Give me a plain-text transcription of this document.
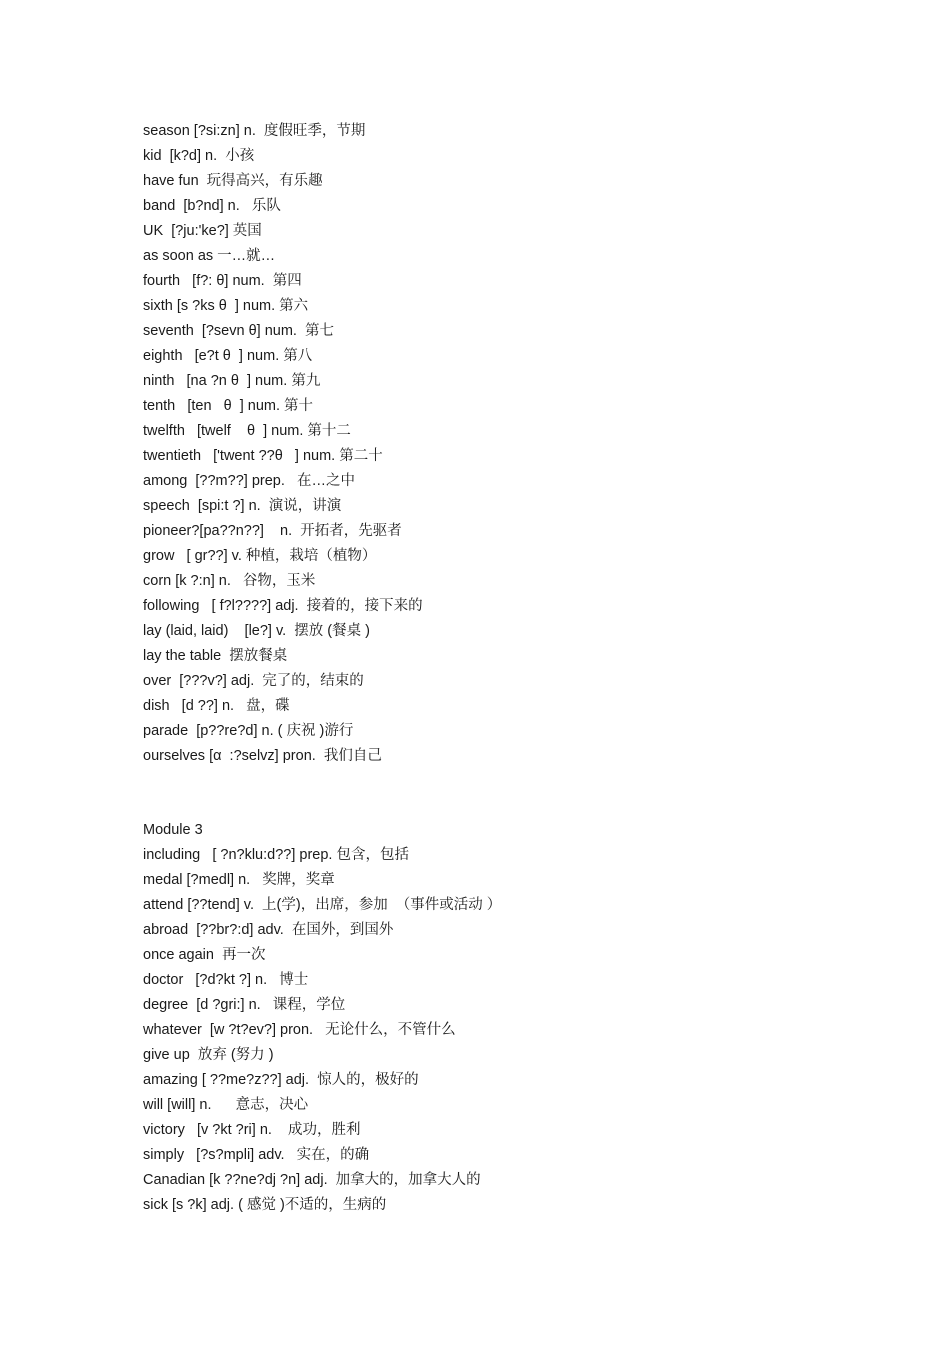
season [?si:zn] n.  度假旺季，节期
kid  [k?d] n.  小孩
have fun  玩得高兴，有乐趣
band  [b?nd] n.   乐队
UK  [?ju:'ke?] 英国
as soon as 一…就…
fourth   [f?: θ] num.  第四
sixth [s ?ks θ  ] num. 第六
seventh  [?sevn θ] num.  第七
eighth   [e?t θ  ] num. 第八
ninth   [na ?n θ  ] num. 第九
tenth   [ten   θ  ] num. 第十
twelfth   [twelf    θ  ] num. 第十二
twentieth   ['twent ??θ   ] num. 第二十
among  [??m??] prep.   在…之中
speech  [spi:t ?] n.  演说，讲演
pioneer?[pa??n??]    n.  开拓者，先驱者
grow   [ gr??] v. 种植，栽培（植物）
corn [k ?:n] n.   谷物，玉米
following   [ f?l????] adj.  接着的，接下来的
lay (laid, laid)    [le?] v.  摆放 (餐桌 )
lay the table  摆放餐桌
over  [???v?] adj.  完了的，结束的
dish   [d ??] n.   盘，碟
parade  [p??re?d] n. ( 庆祝 )游行
ourselves [α  :?selvz] pron.  我们自己
Module 3
including   [ ?n?klu:d??] prep. 包含，包括
medal [?medl] n.   奖牌，奖章
attend [??tend] v.  上(学)，出席，参加  （事件或活动 ）
abroad  [??br?:d] adv.  在国外，到国外
once again  再一次
doctor   [?d?kt ?] n.   博士
degree  [d ?gri:] n.   课程，学位
whatever  [w ?t?ev?] pron.   无论什么，不管什么
give up  放弃 (努力 )
amazing [ ??me?z??] adj.  惊人的，极好的
will [will] n.      意志，决心
victory   [v ?kt ?ri] n.    成功，胜利
simply   [?s?mpli] adv.   实在，的确
Canadian [k ??ne?dj ?n] adj.  加拿大的，加拿大人的
sick [s ?k] adj. ( 感觉 )不适的，生病的
